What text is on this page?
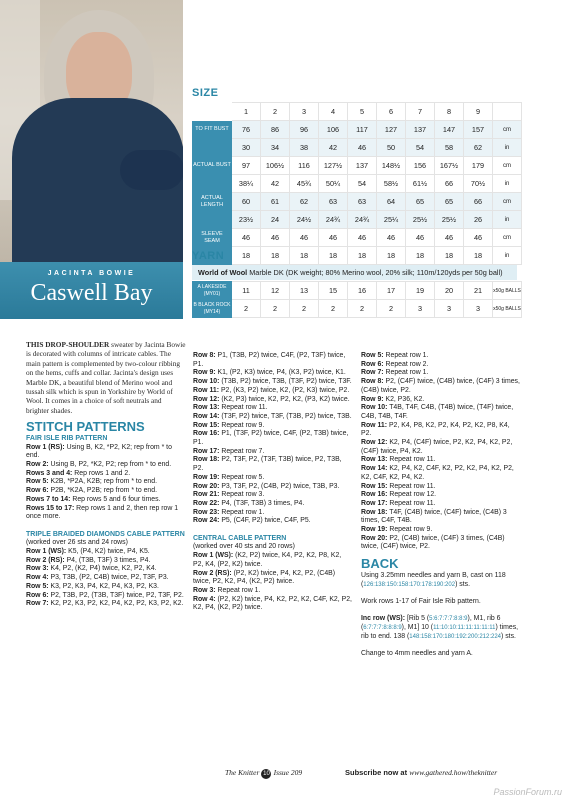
JACINTA BOWIE
Caswell Bay
SIZE
	1	2	3	4	5	6	7	8	9	
TO FIT BUST	76	86	96	106	117	127	137	147	157	cm
	30	34	38	42	46	50	54	58	62	in
ACTUAL BUST	97	106½	116	127½	137	148½	156	167½	179	cm
	38¼	42	45¾	50¼	54	58½	61½	66	70½	in
ACTUAL LENGTH	60	61	62	63	63	64	65	65	66	cm
	23½	24	24½	24¾	24¾	25¼	25½	25½	26	in
SLEEVE SEAM	46	46	46	46	46	46	46	46	46	cm
	18	18	18	18	18	18	18	18	18	in
YARN
World of Wool Marble DK (DK weight; 80% Merino wool, 20% silk; 110m/120yds per 50g ball)
A LAKESIDE (MY01)	11	12	13	15	16	17	19	20	21	x50g BALLS
B BLACK ROCK (MY14)	2	2	2	2	2	2	3	3	3	x50g BALLS

THIS DROP-SHOULDER sweater by Jacinta Bowie is decorated with columns of intricate cables. The main pattern is complemented by two-colour ribbing on the hems, cuffs and collar. Jacinta's design uses Marble DK, a beautiful blend of Merino wool and tussah silk which is spun in Yorkshire by World of Wool. It comes in a choice of soft neutrals and brighter shades.

STITCH PATTERNS
FAIR ISLE RIB PATTERN

Row 1 (RS): Using B, K2, *P2, K2; rep from * to end.

Row 2: Using B, P2, *K2, P2; rep from * to end.

Rows 3 and 4: Rep rows 1 and 2.

Row 5: K2B, *P2A, K2B; rep from * to end.

Row 6: P2B, *K2A, P2B; rep from * to end.

Rows 7 to 14: Rep rows 5 and 6 four times.

Rows 15 to 17: Rep rows 1 and 2, then rep row 1 once more.

TRIPLE BRAIDED DIAMONDS CABLE PATTERN

(worked over 26 sts and 24 rows)

Row 1 (WS): K5, (P4, K2) twice, P4, K5.

Row 2 (RS): P4, (T3B, T3F) 3 times, P4.

Row 3: K4, P2, (K2, P4) twice, K2, P2, K4.

Row 4: P3, T3B, (P2, C4B) twice, P2, T3F, P3.

Row 5: K3, P2, K3, P4, K2, P4, K3, P2, K3.

Row 6: P2, T3B, P2, (T3B, T3F) twice, P2, T3F, P2.

Row 7: K2, P2, K3, P2, K2, P4, K2, P2, K3, P2, K2.

Row 8: P1, (T3B, P2) twice, C4F, (P2, T3F) twice, P1.

Row 9: K1, (P2, K3) twice, P4, (K3, P2) twice, K1.

Row 10: (T3B, P2) twice, T3B, (T3F, P2) twice, T3F.

Row 11: P2, (K3, P2) twice, K2, (P2, K3) twice, P2.

Row 12: (K2, P3) twice, K2, P2, K2, (P3, K2) twice.

Row 13: Repeat row 11.

Row 14: (T3F, P2) twice, T3F, (T3B, P2) twice, T3B.

Row 15: Repeat row 9.

Row 16: P1, (T3F, P2) twice, C4F, (P2, T3B) twice, P1.

Row 17: Repeat row 7.

Row 18: P2, T3F, P2, (T3F, T3B) twice, P2, T3B, P2.

Row 19: Repeat row 5.

Row 20: P3, T3F, P2, (C4B, P2) twice, T3B, P3.

Row 21: Repeat row 3.

Row 22: P4, (T3F, T3B) 3 times, P4.

Row 23: Repeat row 1.

Row 24: P5, (C4F, P2) twice, C4F, P5.

CENTRAL CABLE PATTERN

(worked over 40 sts and 20 rows)

Row 1 (WS): (K2, P2) twice, K4, P2, K2, P8, K2, P2, K4, (P2, K2) twice.

Row 2 (RS): (P2, K2) twice, P4, K2, P2, (C4B) twice, P2, K2, P4, (K2, P2) twice.

Row 3: Repeat row 1.

Row 4: (P2, K2) twice, P4, K2, P2, K2, C4F, K2, P2, K2, P4, (K2, P2) twice.

Row 5: Repeat row 1.

Row 6: Repeat row 2.

Row 7: Repeat row 1.

Row 8: P2, (C4F) twice, (C4B) twice, (C4F) 3 times, (C4B) twice, P2.

Row 9: K2, P36, K2.

Row 10: T4B, T4F, C4B, (T4B) twice, (T4F) twice, C4B, T4B, T4F.

Row 11: P2, K4, P8, K2, P2, K4, P2, K2, P8, K4, P2.

Row 12: K2, P4, (C4F) twice, P2, K2, P4, K2, P2, (C4F) twice, P4, K2.

Row 13: Repeat row 11.

Row 14: K2, P4, K2, C4F, K2, P2, K2, P4, K2, P2, K2, C4F, K2, P4, K2.

Row 15: Repeat row 11.

Row 16: Repeat row 12.

Row 17: Repeat row 11.

Row 18: T4F, (C4B) twice, (C4F) twice, (C4B) 3 times, C4F, T4B.

Row 19: Repeat row 9.

Row 20: P2, (C4B) twice, (C4F) 3 times, (C4B) twice, (C4F) twice, P2.

BACK

Using 3.25mm needles and yarn B, cast on 118 (126:138:150:158:170:178:190:202) sts.

Work rows 1-17 of Fair Isle Rib pattern.

Inc row (WS): [Rib 5 (5:6:7:7:7:8:8:9), M1, rib 6 (6:7:7:7:8:8:8:9), M1] 10 (11:10:10:11:11:11:11:11) times, rib to end. 138 (148:158:170:180:192:200:212:224) sts.

Change to 4mm needles and yarn A.

The Knitter 10 Issue 209	Subscribe now at www.gathered.how/theknitter
PassionForum.ru
